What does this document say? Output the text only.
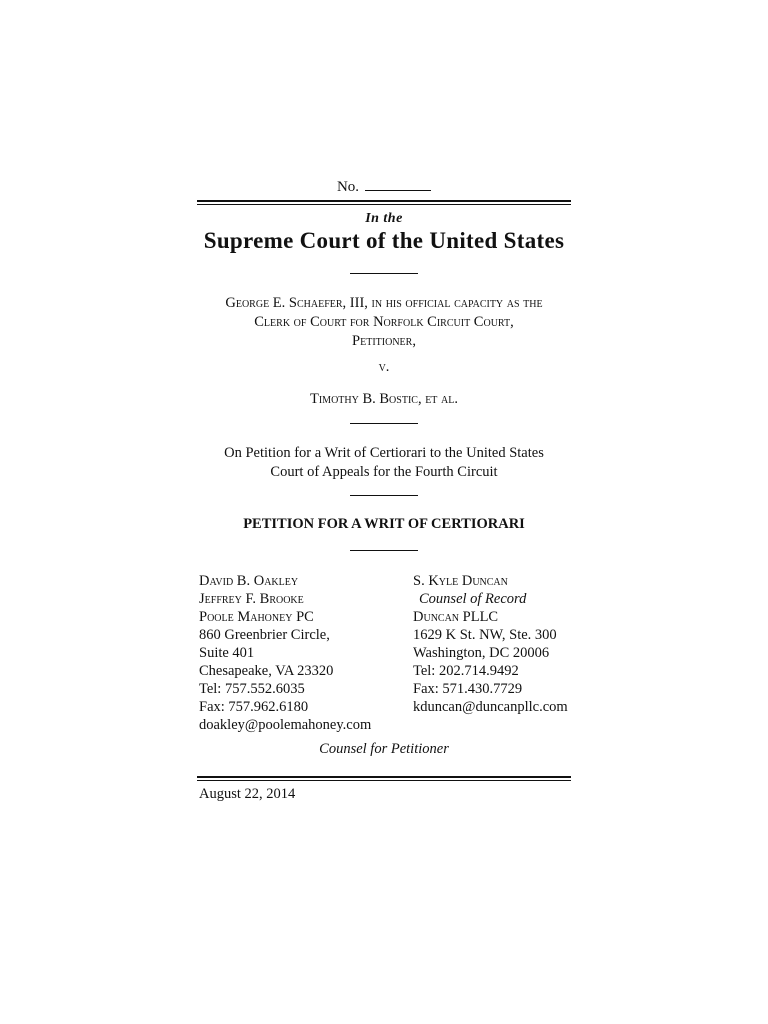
No.
In the
Supreme Court of the United States
George E. Schaefer, III, in his official capacity as the
Clerk of Court for Norfolk Circuit Court,
Petitioner,
v.
Timothy B. Bostic, et al.
On Petition for a Writ of Certiorari to the United States
Court of Appeals for the Fourth Circuit
PETITION FOR A WRIT OF CERTIORARI
David B. Oakley
Jeffrey F. Brooke
Poole Mahoney PC
860 Greenbrier Circle,
Suite 401
Chesapeake, VA 23320
Tel: 757.552.6035
Fax: 757.962.6180
doakley@poolemahoney.com
S. Kyle Duncan
Counsel of Record
Duncan PLLC
1629 K St. NW, Ste. 300
Washington, DC 20006
Tel: 202.714.9492
Fax: 571.430.7729
kduncan@duncanpllc.com
Counsel for Petitioner
August 22, 2014
